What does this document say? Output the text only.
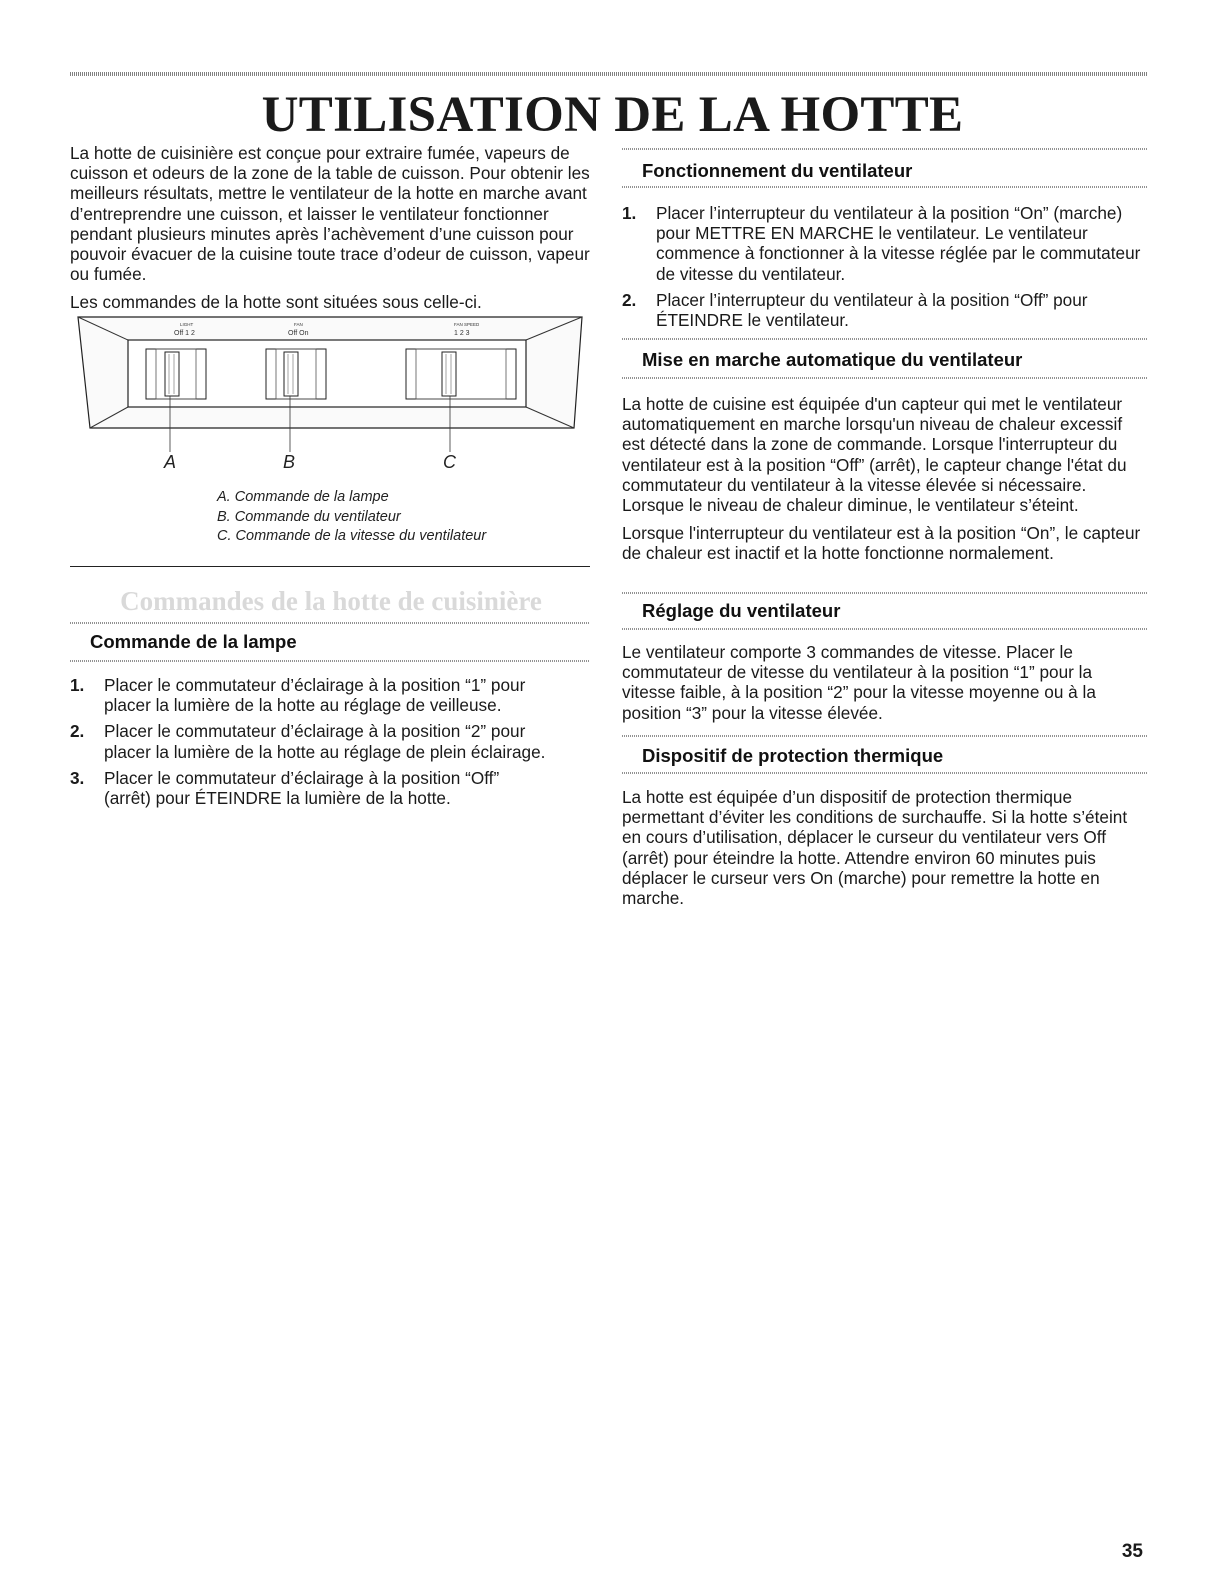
UTILISATION DE LA HOTTE

La hotte de cuisinière est conçue pour extraire fumée, vapeurs de cuisson et odeurs de la zone de la table de cuisson. Pour obtenir les meilleurs résultats, mettre le ventilateur de la hotte en marche avant d’entreprendre une cuisson, et laisser le ventilateur fonctionner pendant plusieurs minutes après l’achèvement d’une cuisson pour pouvoir évacuer de la cuisine toute trace d’odeur de cuisson, vapeur ou fumée.

Les commandes de la hotte sont situées sous celle-ci.

LIGHT
Off 1 2
FAN
Off On
FAN SPEED
1 2 3
A	B	C
A. Commande de la lampe
B. Commande du ventilateur
C. Commande de la vitesse du ventilateur
Commandes de la hotte de cuisinière
Commande de la lampe
1. Placer le commutateur d’éclairage à la position “1” pour placer la lumière de la hotte au réglage de veilleuse.
2. Placer le commutateur d’éclairage à la position “2” pour placer la lumière de la hotte au réglage de plein éclairage.
3. Placer le commutateur d’éclairage à la position “Off” (arrêt) pour ÉTEINDRE la lumière de la hotte.
Fonctionnement du ventilateur
1. Placer l’interrupteur du ventilateur à la position “On” (marche) pour METTRE EN MARCHE le ventilateur. Le ventilateur commence à fonctionner à la vitesse réglée par le commutateur de vitesse du ventilateur.
2. Placer l’interrupteur du ventilateur à la position “Off” pour ÉTEINDRE le ventilateur.
Mise en marche automatique du ventilateur

La hotte de cuisine est équipée d'un capteur qui met le ventilateur automatiquement en marche lorsqu'un niveau de chaleur excessif est détecté dans la zone de commande. Lorsque l'interrupteur du ventilateur est à la position “Off” (arrêt), le capteur change l'état du commutateur du ventilateur à la vitesse élevée si nécessaire. Lorsque le niveau de chaleur diminue, le ventilateur s’éteint.

Lorsque l'interrupteur du ventilateur est à la position “On”, le capteur de chaleur est inactif et la hotte fonctionne normalement.

Réglage du ventilateur

Le ventilateur comporte 3 commandes de vitesse. Placer le commutateur de vitesse du ventilateur à la position “1” pour la vitesse faible, à la position “2” pour la vitesse moyenne ou à la position “3” pour la vitesse élevée.

Dispositif de protection thermique

La hotte est équipée d’un dispositif de protection thermique permettant d’éviter les conditions de surchauffe. Si la hotte s’éteint en cours d’utilisation, déplacer le curseur du ventilateur vers Off (arrêt) pour éteindre la hotte. Attendre environ 60 minutes puis déplacer le curseur vers On (marche) pour remettre la hotte en marche.

35
